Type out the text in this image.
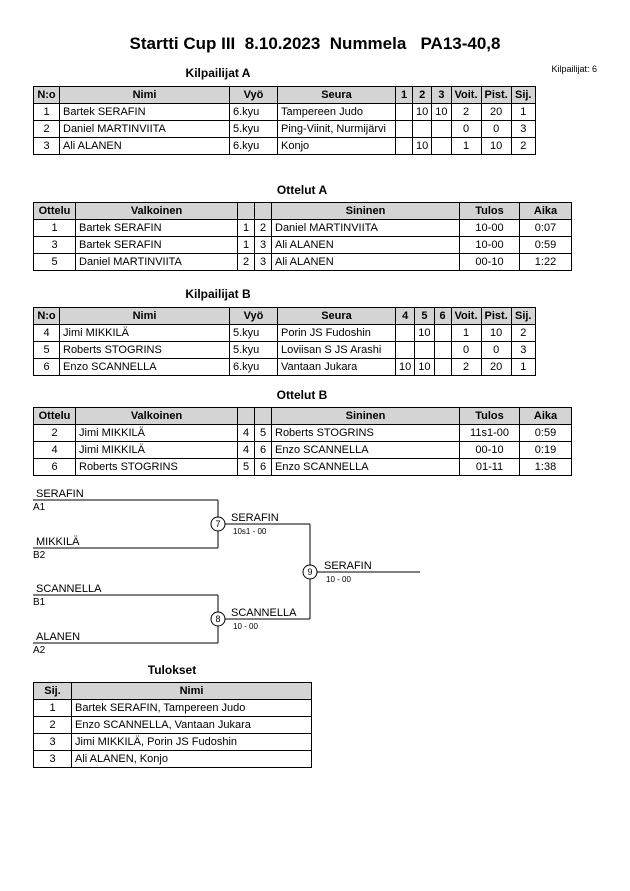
Startti Cup III  8.10.2023  Nummela   PA13-40,8
Kilpailijat A	Kilpailijat: 6
N:o	Nimi	Vyö	Seura	1	2	3	Voit.	Pist.	Sij.
1	Bartek SERAFIN	6.kyu	Tampereen Judo		10	10	2	20	1
2	Daniel MARTINVIITA	5.kyu	Ping-Viinit, Nurmijärvi				0	0	3
3	Ali ALANEN	6.kyu	Konjo		10		1	10	2
Ottelut A
Ottelu	Valkoinen			Sininen	Tulos	Aika
1	Bartek SERAFIN	1	2	Daniel MARTINVIITA	10-00	0:07
3	Bartek SERAFIN	1	3	Ali ALANEN	10-00	0:59
5	Daniel MARTINVIITA	2	3	Ali ALANEN	00-10	1:22
Kilpailijat B
N:o	Nimi	Vyö	Seura	4	5	6	Voit.	Pist.	Sij.
4	Jimi MIKKILÄ	5.kyu	Porin JS Fudoshin		10		1	10	2
5	Roberts STOGRINS	5.kyu	Loviisan S JS Arashi				0	0	3
6	Enzo SCANNELLA	6.kyu	Vantaan Jukara	10	10		2	20	1
Ottelut B
Ottelu	Valkoinen			Sininen	Tulos	Aika
2	Jimi MIKKILÄ	4	5	Roberts STOGRINS	11s1-00	0:59
4	Jimi MIKKILÄ	4	6	Enzo SCANNELLA	00-10	0:19
6	Roberts STOGRINS	5	6	Enzo SCANNELLA	01-11	1:38
SERAFIN
A1
MIKKILÄ
B2
7 SERAFIN
10s1 - 00
SCANNELLA
B1
ALANEN
A2
8 SCANNELLA
10 - 00
9	SERAFIN
10 - 00
Tulokset
Sij.	Nimi
1	Bartek SERAFIN, Tampereen Judo
2	Enzo SCANNELLA, Vantaan Jukara
3	Jimi MIKKILÄ, Porin JS Fudoshin
3	Ali ALANEN, Konjo
